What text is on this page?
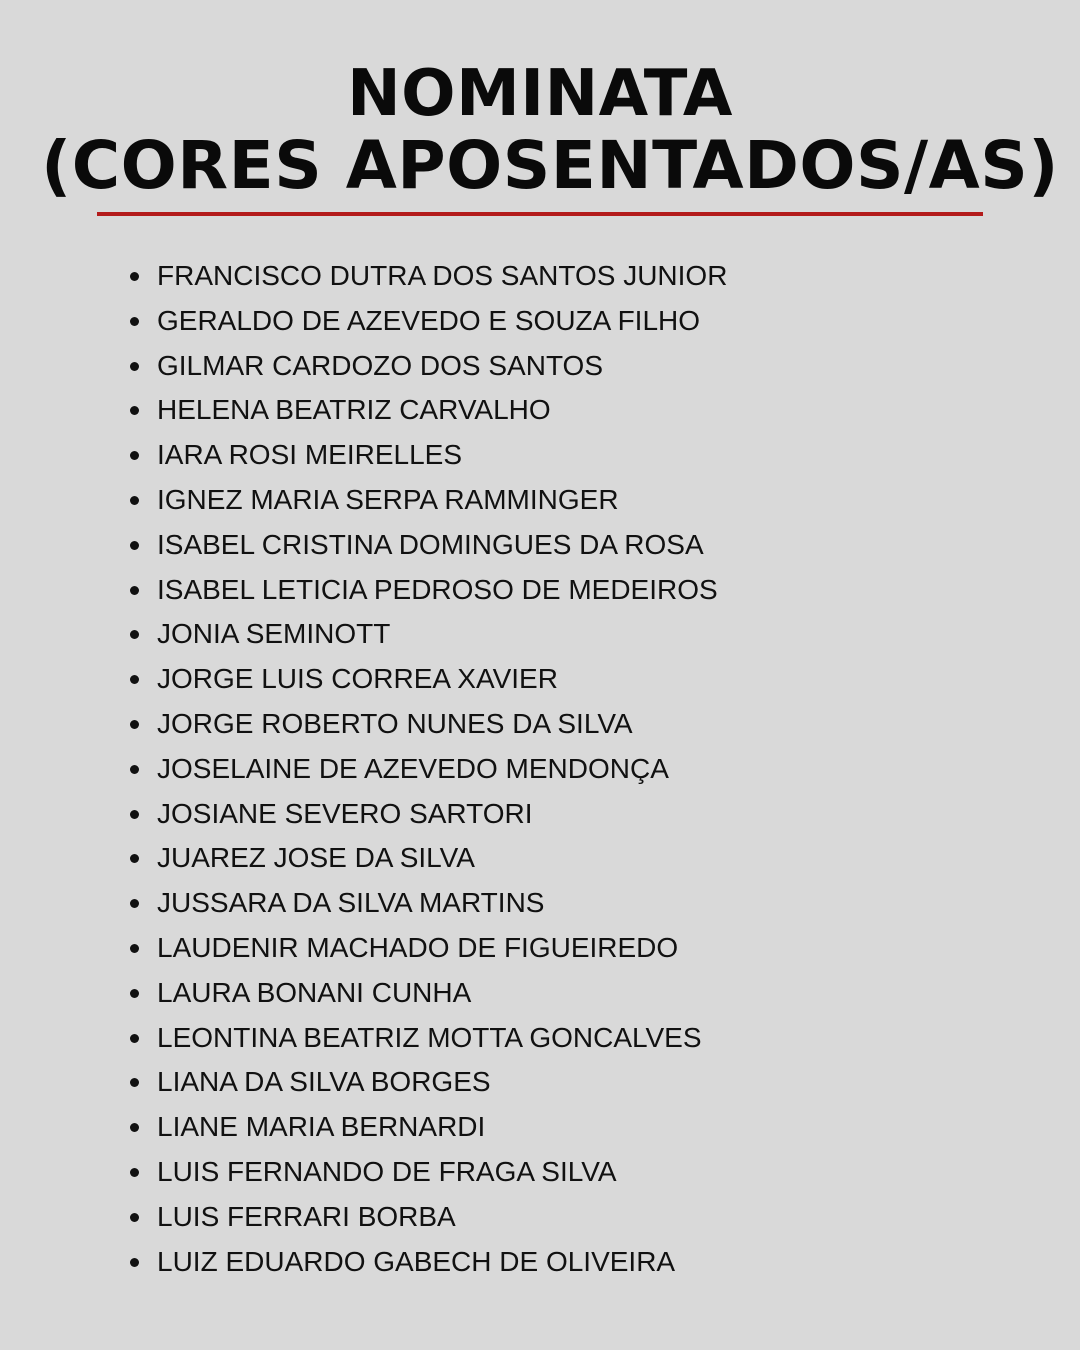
NOMINATA
(CORES APOSENTADOS/AS)
FRANCISCO DUTRA DOS SANTOS JUNIOR
GERALDO DE AZEVEDO E SOUZA FILHO
GILMAR CARDOZO DOS SANTOS
HELENA BEATRIZ CARVALHO
IARA ROSI MEIRELLES
IGNEZ MARIA SERPA RAMMINGER
ISABEL CRISTINA DOMINGUES DA ROSA
ISABEL LETICIA PEDROSO DE MEDEIROS
JONIA SEMINOTT
JORGE LUIS CORREA XAVIER
JORGE ROBERTO NUNES DA SILVA
JOSELAINE DE AZEVEDO MENDONÇA
JOSIANE SEVERO SARTORI
JUAREZ JOSE DA SILVA
JUSSARA DA SILVA MARTINS
LAUDENIR MACHADO DE FIGUEIREDO
LAURA BONANI CUNHA
LEONTINA BEATRIZ MOTTA GONCALVES
LIANA DA SILVA BORGES
LIANE MARIA BERNARDI
LUIS FERNANDO DE FRAGA SILVA
LUIS FERRARI BORBA
LUIZ EDUARDO GABECH DE OLIVEIRA
